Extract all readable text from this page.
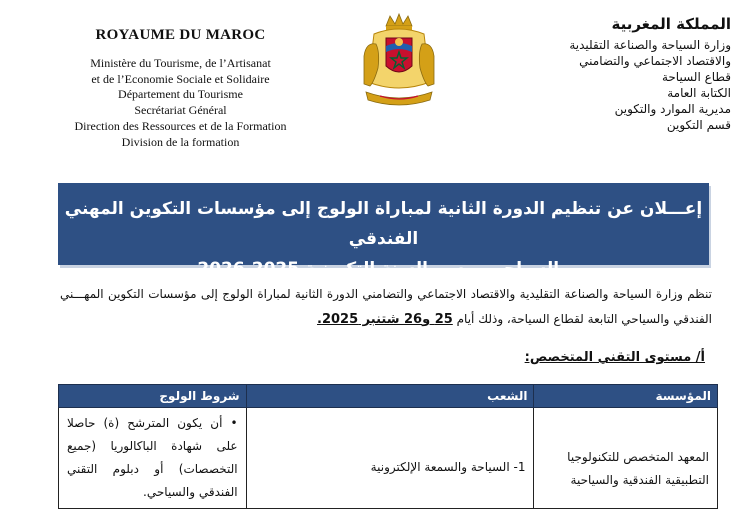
ROYAUME DU MAROC
Ministère du Tourisme, de l’Artisanat
et de l’Economie Sociale et Solidaire
Département du Tourisme
Secrétariat Général
Direction des Ressources et de la Formation
Division de la formation
المملكة المغربية
وزارة السياحة والصناعة التقليدية
والاقتصاد الاجتماعي والتضامني
قطاع السياحة
الكتابة العامة
مديرية الموارد والتكوين
قسم التكوين
إعـــلان عن تنظيم الدورة الثانية لمباراة الولوج إلى مؤسسات التكوين المهني الفندقي
والسياحي برسم السنة التكوينية 2025-2026
تنظم وزارة السياحة والصناعة التقليدية والاقتصاد الاجتماعي والتضامني الدورة الثانية لمباراة الولوج إلى مؤسسات التكوين المهـــني الفندقي والسياحي التابعة لقطاع السياحة، وذلك أيام 25 و26 شتنبر 2025.
أ/ مستوى التقني المتخصص:
المؤسسة	الشعب	شروط الولوج
المعهد المتخصص للتكنولوجيا التطبيقية الفندقية والسياحية	1- السياحة والسمعة الإلكترونية	• أن يكون المترشح (ة) حاصلا على شهادة الباكالوريا (جميع التخصصات) أو دبلوم التقني الفندقي والسياحي.
